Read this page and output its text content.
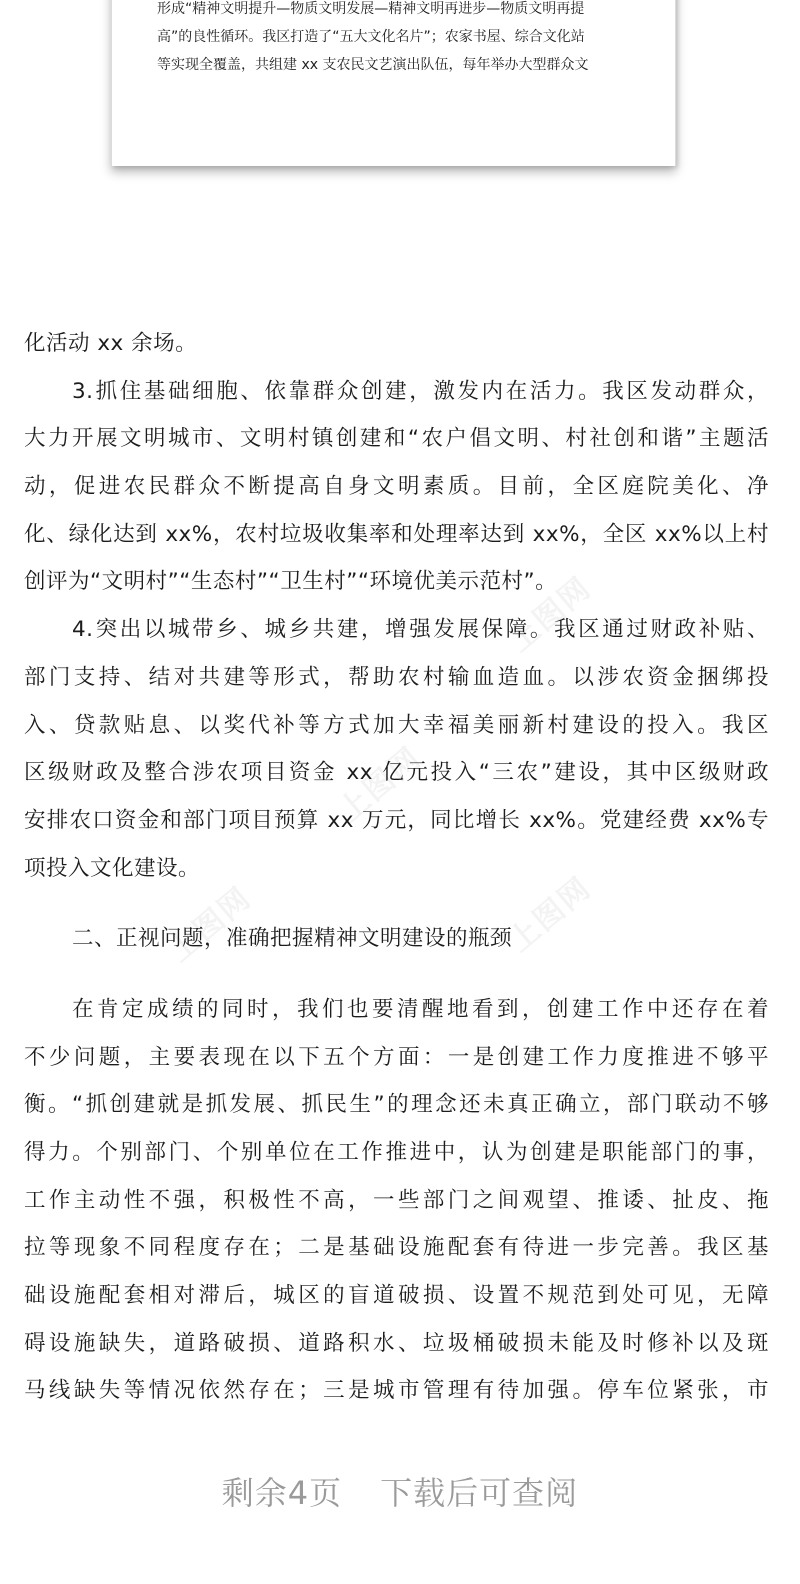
形成“精神文明提升—物质文明发展—精神文明再进步—物质文明再提

高”的良性循环。我区打造了“五大文化名片”；农家书屋、综合文化站

等实现全覆盖，共组建 xx 支农民文艺演出队伍，每年举办大型群众文

上图网
上图网
上图网	上图网
化活动 xx 余场。
3.抓住基础细胞、依靠群众创建，激发内在活力。我区发动群众，
大力开展文明城市、文明村镇创建和“农户倡文明、村社创和谐”主题活
动，促进农民群众不断提高自身文明素质。目前，全区庭院美化、净
化、绿化达到 xx%，农村垃圾收集率和处理率达到 xx%，全区 xx%以上村
创评为“文明村”“生态村”“卫生村”“环境优美示范村”。
4.突出以城带乡、城乡共建，增强发展保障。我区通过财政补贴、
部门支持、结对共建等形式，帮助农村输血造血。以涉农资金捆绑投
入、贷款贴息、以奖代补等方式加大幸福美丽新村建设的投入。我区
区级财政及整合涉农项目资金 xx 亿元投入“三农”建设，其中区级财政
安排农口资金和部门项目预算 xx 万元，同比增长 xx%。党建经费 xx%专
项投入文化建设。
二、正视问题，准确把握精神文明建设的瓶颈
在肯定成绩的同时，我们也要清醒地看到，创建工作中还存在着
不少问题，主要表现在以下五个方面：一是创建工作力度推进不够平
衡。“抓创建就是抓发展、抓民生”的理念还未真正确立，部门联动不够
得力。个别部门、个别单位在工作推进中，认为创建是职能部门的事，
工作主动性不强，积极性不高，一些部门之间观望、推诿、扯皮、拖
拉等现象不同程度存在；二是基础设施配套有待进一步完善。我区基
础设施配套相对滞后，城区的盲道破损、设置不规范到处可见，无障
碍设施缺失，道路破损、道路积水、垃圾桶破损未能及时修补以及斑
马线缺失等情况依然存在；三是城市管理有待加强。停车位紧张，市
剩余4页 下载后可查阅
